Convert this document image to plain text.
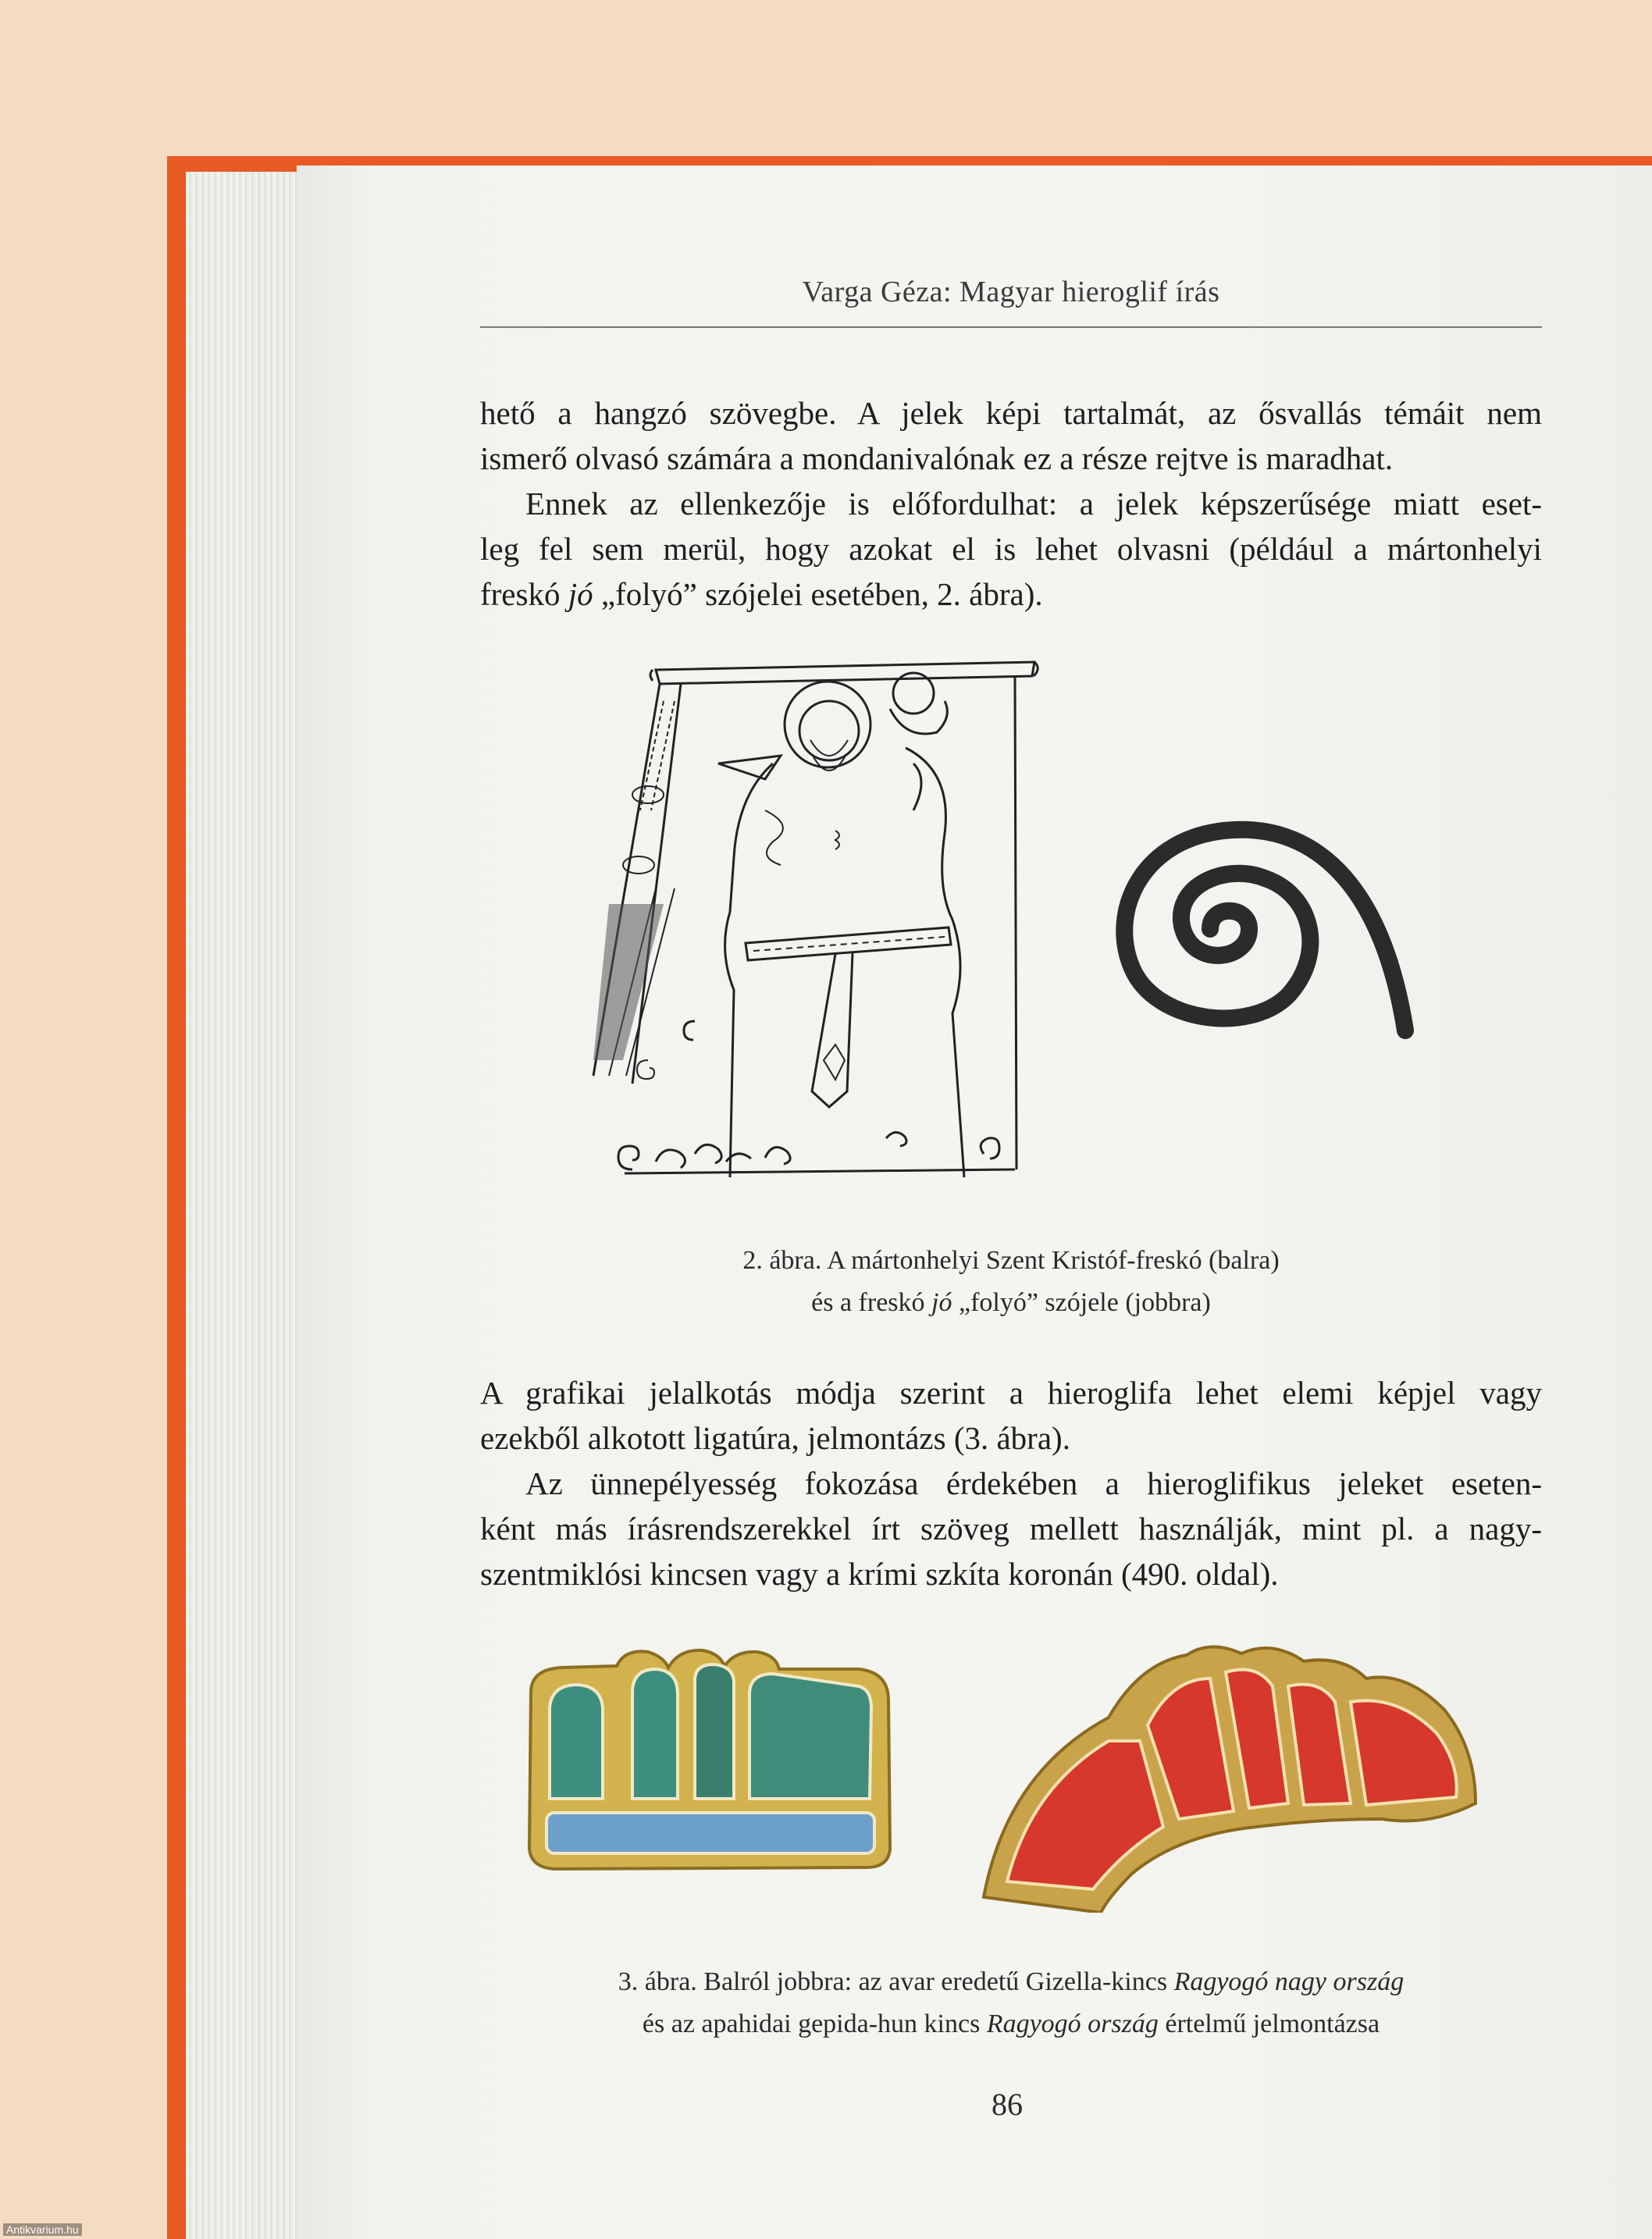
Varga Géza: Magyar hieroglif írás
hető a hangzó szövegbe. A jelek képi tartalmát, az ősvallás témáit nem
ismerő olvasó számára a mondanivalónak ez a része rejtve is maradhat.
Ennek az ellenkezője is előfordulhat: a jelek képszerűsége miatt eset-
leg fel sem merül, hogy azokat el is lehet olvasni (például a mártonhelyi
freskó jó „folyó” szójelei esetében, 2. ábra).
2. ábra. A mártonhelyi Szent Kristóf-freskó (balra)
és a freskó jó „folyó” szójele (jobbra)
A grafikai jelalkotás módja szerint a hieroglifa lehet elemi képjel vagy
ezekből alkotott ligatúra, jelmontázs (3. ábra).
Az ünnepélyesség fokozása érdekében a hieroglifikus jeleket eseten-
ként más írásrendszerekkel írt szöveg mellett használják, mint pl. a nagy-
szentmiklósi kincsen vagy a krími szkíta koronán (490. oldal).
3. ábra. Balról jobbra: az avar eredetű Gizella-kincs Ragyogó nagy ország
és az apahidai gepida-hun kincs Ragyogó ország értelmű jelmontázsa
86
Antikvarium.hu
